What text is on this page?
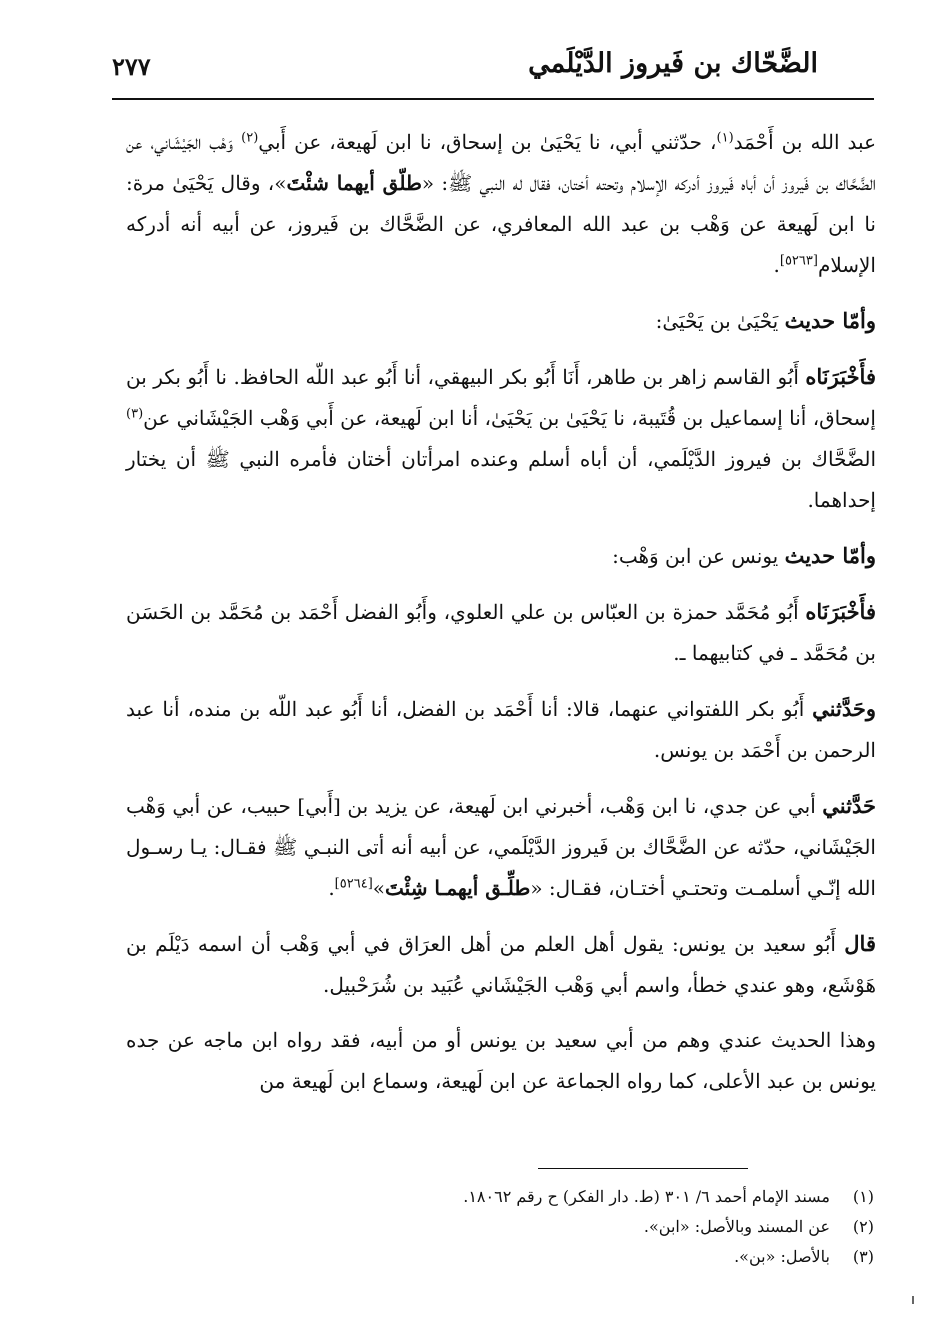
الضَّحّاك بن فَيروز الدَّيْلَمي
٢٧٧

عبد الله بن أَحْمَد$^{(١)}$، حدّثني أبي، نا يَحْيَىٰ بن إسحاق، نا ابن لَهيعة، عن أَبي$^{(٢)}$ وَهْب الجَيْشَاني، عن الضَّحَّاك بن فَيروز أن أباه فَيروز أدركه الإسلام وتحته أختان، فقال له النبي ﷺ: «طلّق أيهما شئْتَ»، وقال يَحْيَىٰ مرة: نا ابن لَهيعة عن وَهْب بن عبد الله المعافري، عن الضَّحَّاك بن فَيروز، عن أبيه أنه أدركه الإسلام[٥٢٦٣].

وأمّا حديث يَحْيَىٰ بن يَحْيَىٰ:

فأَخْبَرَنَاه أَبُو القاسم زاهر بن طاهر، أَنَا أَبُو بكر البيهقي، أنا أَبُو عبد اللّه الحافظ. نا أَبُو بكر بن إسحاق، أنا إسماعيل بن قُتَيبة، نا يَحْيَىٰ بن يَحْيَىٰ، أنا ابن لَهيعة، عن أَبي وَهْب الجَيْشَاني عن$^{(٣)}$ الضَّحَّاك بن فيروز الدَّيْلَمي، أن أباه أسلم وعنده امرأتان أختان فأمره النبي ﷺ أن يختار إحداهما.

وأمّا حديث يونس عن ابن وَهْب:

فأَخْبَرَنَاه أَبُو مُحَمَّد حمزة بن العبّاس بن علي العلوي، وأَبُو الفضل أَحْمَد بن مُحَمَّد بن الحَسَن بن مُحَمَّد ـ في كتابيهما ـ.

وحَدَّثني أَبُو بكر اللفتواني عنهما، قالا: أنا أَحْمَد بن الفضل، أنا أَبُو عبد اللّه بن منده، أنا عبد الرحمن بن أَحْمَد بن يونس.

حَدَّثني أبي عن جدي، نا ابن وَهْب، أخبرني ابن لَهيعة، عن يزيد بن [أَبي] حبيب، عن أبي وَهْب الجَيْشَاني، حدّثه عن الضَّحَّاك بن فَيروز الدَّيْلَمي، عن أبيه أنه أتى النبـي ﷺ فقـال: يـا رسـول الله إنّـي أسلمـت وتحتـي أختـان، فقـال: «طلِّـق أيهمـا شِئْتَ»[٥٢٦٤].

قال أَبُو سعيد بن يونس: يقول أهل العلم من أهل العرَاق في أبي وَهْب أن اسمه دَيْلَم بن هَوْشَع، وهو عندي خطأ، واسم أبي وَهْب الجَيْشَاني عُبَيد بن شُرَحْبيل.

وهذا الحديث عندي وهم من أبي سعيد بن يونس أو من أبيه، فقد رواه ابن ماجه عن جده يونس بن عبد الأعلى، كما رواه الجماعة عن ابن لَهيعة، وسماع ابن لَهيعة من

(١)
مسند الإمام أحمد ٦/ ٣٠١ (ط. دار الفكر) ح رقم ١٨٠٦٢.
(٢)
عن المسند وبالأصل: «ابن».
(٣)
بالأصل: «بن».
